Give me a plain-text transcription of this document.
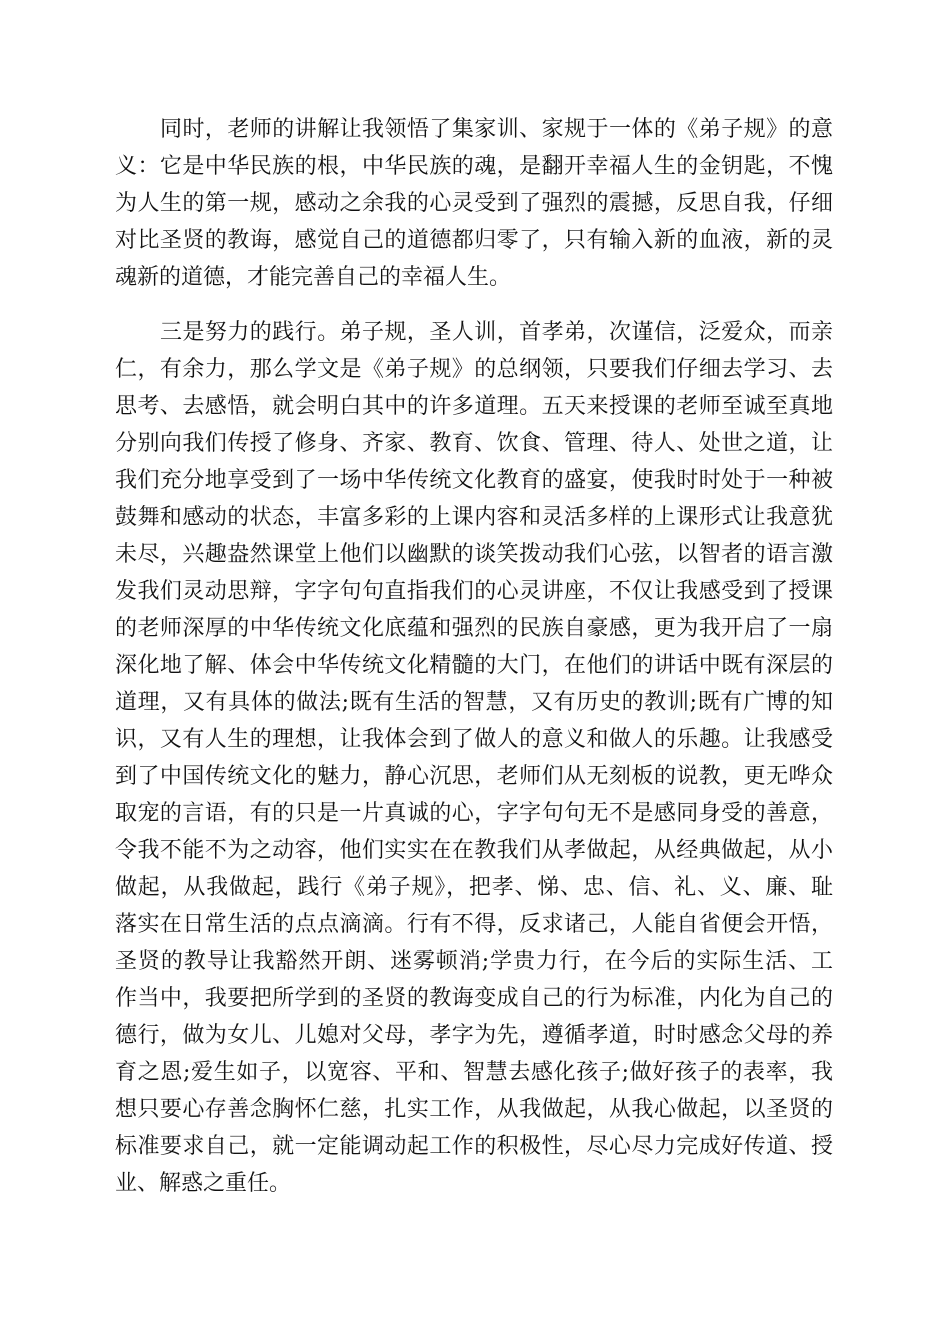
同时，老师的讲解让我领悟了集家训、家规于一体的《弟子规》的意
义：它是中华民族的根，中华民族的魂，是翻开幸福人生的金钥匙，不愧
为人生的第一规，感动之余我的心灵受到了强烈的震撼，反思自我，仔细
对比圣贤的教诲，感觉自己的道德都归零了，只有输入新的血液，新的灵
魂新的道德，才能完善自己的幸福人生。
三是努力的践行。弟子规，圣人训，首孝弟，次谨信，泛爱众，而亲
仁，有余力，那么学文是《弟子规》的总纲领，只要我们仔细去学习、去
思考、去感悟，就会明白其中的许多道理。五天来授课的老师至诚至真地
分别向我们传授了修身、齐家、教育、饮食、管理、待人、处世之道，让
我们充分地享受到了一场中华传统文化教育的盛宴，使我时时处于一种被
鼓舞和感动的状态，丰富多彩的上课内容和灵活多样的上课形式让我意犹
未尽，兴趣盎然课堂上他们以幽默的谈笑拨动我们心弦，以智者的语言激
发我们灵动思辩，字字句句直指我们的心灵讲座，不仅让我感受到了授课
的老师深厚的中华传统文化底蕴和强烈的民族自豪感，更为我开启了一扇
深化地了解、体会中华传统文化精髓的大门，在他们的讲话中既有深层的
道理，又有具体的做法;既有生活的智慧，又有历史的教训;既有广博的知
识，又有人生的理想，让我体会到了做人的意义和做人的乐趣。让我感受
到了中国传统文化的魅力，静心沉思，老师们从无刻板的说教，更无哗众
取宠的言语，有的只是一片真诚的心，字字句句无不是感同身受的善意，
令我不能不为之动容，他们实实在在教我们从孝做起，从经典做起，从小
做起，从我做起，践行《弟子规》，把孝、悌、忠、信、礼、义、廉、耻
落实在日常生活的点点滴滴。行有不得，反求诸己，人能自省便会开悟，
圣贤的教导让我豁然开朗、迷雾顿消;学贵力行，在今后的实际生活、工
作当中，我要把所学到的圣贤的教诲变成自己的行为标准，内化为自己的
德行，做为女儿、儿媳对父母，孝字为先，遵循孝道，时时感念父母的养
育之恩;爱生如子，以宽容、平和、智慧去感化孩子;做好孩子的表率，我
想只要心存善念胸怀仁慈，扎实工作，从我做起，从我心做起，以圣贤的
标准要求自己，就一定能调动起工作的积极性，尽心尽力完成好传道、授
业、解惑之重任。
